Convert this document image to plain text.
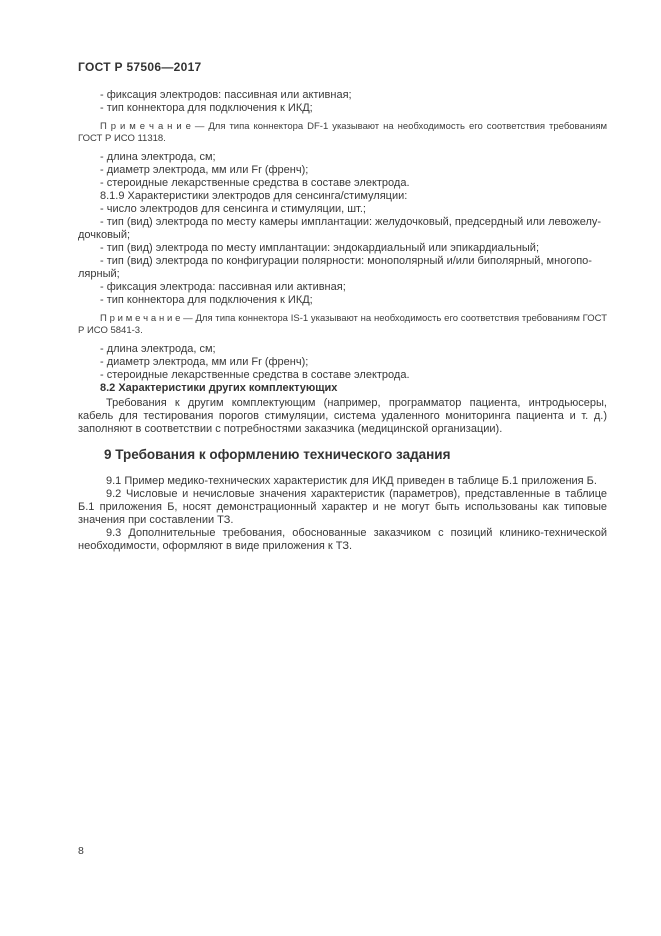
ГОСТ Р 57506—2017

- фиксация электродов: пассивная или активная;

- тип коннектора для подключения к ИКД;

П р и м е ч а н и е — Для типа коннектора DF-1 указывают на необходимость его соответствия требованиям ГОСТ Р ИСО 11318.

- длина электрода, см;

- диаметр электрода, мм или Fr (френч);

- стероидные лекарственные средства в составе электрода.

8.1.9 Характеристики электродов для сенсинга/стимуляции:

- число электродов для сенсинга и стимуляции, шт.;

- тип (вид) электрода по месту камеры имплантации: желудочковый, предсердный или левожелудочковый;

- тип (вид) электрода по месту имплантации: эндокардиальный или эпикардиальный;

- тип (вид) электрода по конфигурации полярности: монополярный и/или биполярный, многополярный;

- фиксация электрода: пассивная или активная;

- тип коннектора для подключения к ИКД;

П р и м е ч а н и е — Для типа коннектора IS-1 указывают на необходимость его соответствия требованиям ГОСТ Р ИСО 5841-3.

- длина электрода, см;

- диаметр электрода, мм или Fr (френч);

- стероидные лекарственные средства в составе электрода.

8.2 Характеристики других комплектующих

Требования к другим комплектующим (например, программатор пациента, интродьюсеры, кабель для тестирования порогов стимуляции, система удаленного мониторинга пациента и т. д.) заполняют в соответствии с потребностями заказчика (медицинской организации).

9 Требования к оформлению технического задания

9.1 Пример медико-технических характеристик для ИКД приведен в таблице Б.1 приложения Б.

9.2 Числовые и нечисловые значения характеристик (параметров), представленные в таблице Б.1 приложения Б, носят демонстрационный характер и не могут быть использованы как типовые значения при составлении ТЗ.

9.3 Дополнительные требования, обоснованные заказчиком с позиций клинико-технической необходимости, оформляют в виде приложения к ТЗ.

8
